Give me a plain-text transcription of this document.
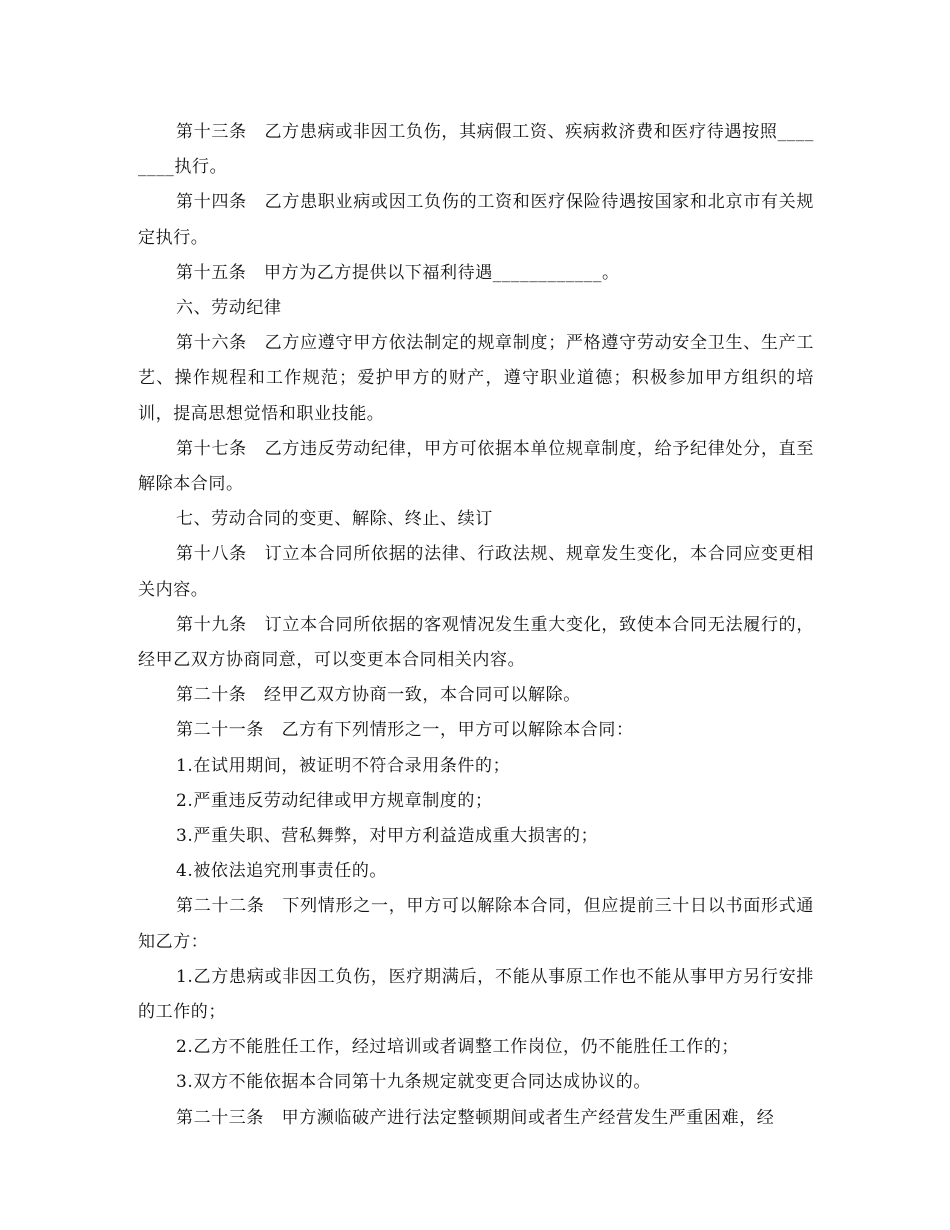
第十三条　乙方患病或非因工负伤，其病假工资、疾病救济费和医疗待遇按照________执行。

第十四条　乙方患职业病或因工负伤的工资和医疗保险待遇按国家和北京市有关规定执行。

第十五条　甲方为乙方提供以下福利待遇____________。

六、劳动纪律

第十六条　乙方应遵守甲方依法制定的规章制度；严格遵守劳动安全卫生、生产工艺、操作规程和工作规范；爱护甲方的财产，遵守职业道德；积极参加甲方组织的培训，提高思想觉悟和职业技能。

第十七条　乙方违反劳动纪律，甲方可依据本单位规章制度，给予纪律处分，直至解除本合同。

七、劳动合同的变更、解除、终止、续订

第十八条　订立本合同所依据的法律、行政法规、规章发生变化，本合同应变更相关内容。

第十九条　订立本合同所依据的客观情况发生重大变化，致使本合同无法履行的，经甲乙双方协商同意，可以变更本合同相关内容。

第二十条　经甲乙双方协商一致，本合同可以解除。

第二十一条　乙方有下列情形之一，甲方可以解除本合同：

1.在试用期间，被证明不符合录用条件的；

2.严重违反劳动纪律或甲方规章制度的；

3.严重失职、营私舞弊，对甲方利益造成重大损害的；

4.被依法追究刑事责任的。

第二十二条　下列情形之一，甲方可以解除本合同，但应提前三十日以书面形式通知乙方：

1.乙方患病或非因工负伤，医疗期满后，不能从事原工作也不能从事甲方另行安排的工作的；

2.乙方不能胜任工作，经过培训或者调整工作岗位，仍不能胜任工作的；

3.双方不能依据本合同第十九条规定就变更合同达成协议的。

第二十三条　甲方濒临破产进行法定整顿期间或者生产经营发生严重困难，经
